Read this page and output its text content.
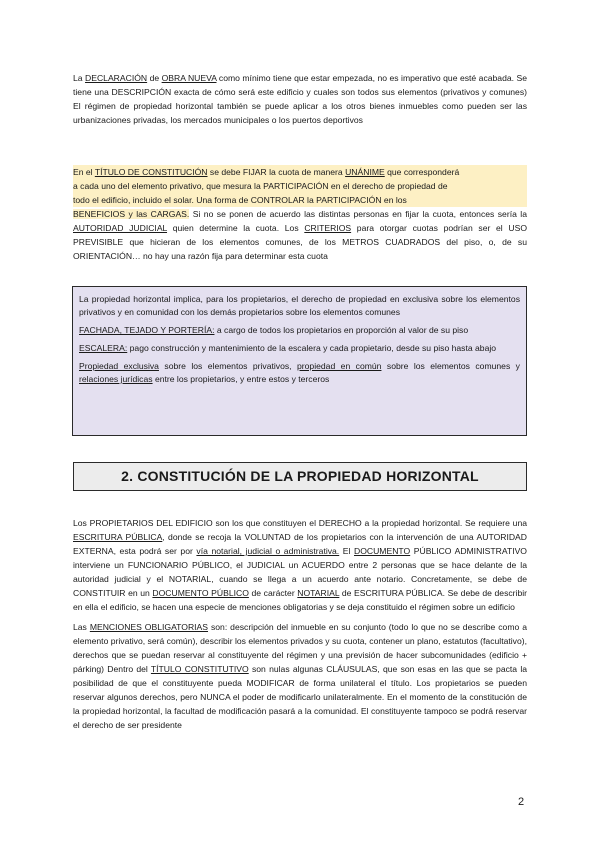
La DECLARACIÓN de OBRA NUEVA como mínimo tiene que estar empezada, no es imperativo que esté acabada. Se tiene una DESCRIPCIÓN exacta de cómo será este edificio y cuales son todos sus elementos (privativos y comunes) El régimen de propiedad horizontal también se puede aplicar a los otros bienes inmuebles como pueden ser las urbanizaciones privadas, los mercados municipales o los puertos deportivos

En el TÍTULO DE CONSTITUCIÓN se debe FIJAR la cuota de manera UNÁNIME que corresponderá
a cada uno del elemento privativo, que mesura la PARTICIPACIÓN en el derecho de propiedad de
todo el edificio, incluido el solar. Una forma de CONTROLAR la PARTICIPACIÓN en los
BENEFICIOS y las CARGAS. Si no se ponen de acuerdo las distintas personas en fijar la cuota, entonces sería la AUTORIDAD JUDICIAL quien determine la cuota. Los CRITERIOS para otorgar cuotas podrían ser el USO PREVISIBLE que hicieran de los elementos comunes, de los METROS CUADRADOS del piso, o, de su ORIENTACIÓN… no hay una razón fija para determinar esta cuota

La propiedad horizontal implica, para los propietarios, el derecho de propiedad en exclusiva sobre los elementos privativos y en comunidad con los demás propietarios sobre los elementos comunes

FACHADA, TEJADO Y PORTERÍA: a cargo de todos los propietarios en proporción al valor de su piso

ESCALERA: pago construcción y mantenimiento de la escalera y cada propietario, desde su piso hasta abajo

Propiedad exclusiva sobre los elementos privativos, propiedad en común sobre los elementos comunes y relaciones jurídicas entre los propietarios, y entre estos y terceros

2. CONSTITUCIÓN DE LA PROPIEDAD HORIZONTAL

Los PROPIETARIOS DEL EDIFICIO son los que constituyen el DERECHO a la propiedad horizontal. Se requiere una ESCRITURA PÚBLICA, donde se recoja la VOLUNTAD de los propietarios con la intervención de una AUTORIDAD EXTERNA, esta podrá ser por vía notarial, judicial o administrativa. El DOCUMENTO PÚBLICO ADMINISTRATIVO interviene un FUNCIONARIO PÚBLICO, el JUDICIAL un ACUERDO entre 2 personas que se hace delante de la autoridad judicial y el NOTARIAL, cuando se llega a un acuerdo ante notario. Concretamente, se debe de CONSTITUIR en un DOCUMENTO PÚBLICO de carácter NOTARIAL de ESCRITURA PÚBLICA. Se debe de describir en ella el edificio, se hacen una especie de menciones obligatorias y se deja constituido el régimen sobre un edificio

Las MENCIONES OBLIGATORIAS son: descripción del inmueble en su conjunto (todo lo que no se describe como a elemento privativo, será común), describir los elementos privados y su cuota, contener un plano, estatutos (facultativo), derechos que se puedan reservar al constituyente del régimen y una previsión de hacer subcomunidades (edificio + párking) Dentro del TÍTULO CONSTITUTIVO son nulas algunas CLÁUSULAS, que son esas en las que se pacta la posibilidad de que el constituyente pueda MODIFICAR de forma unilateral el título. Los propietarios se pueden reservar algunos derechos, pero NUNCA el poder de modificarlo unilateralmente. En el momento de la constitución de la propiedad horizontal, la facultad de modificación pasará a la comunidad. El constituyente tampoco se podrá reservar el derecho de ser presidente

2
